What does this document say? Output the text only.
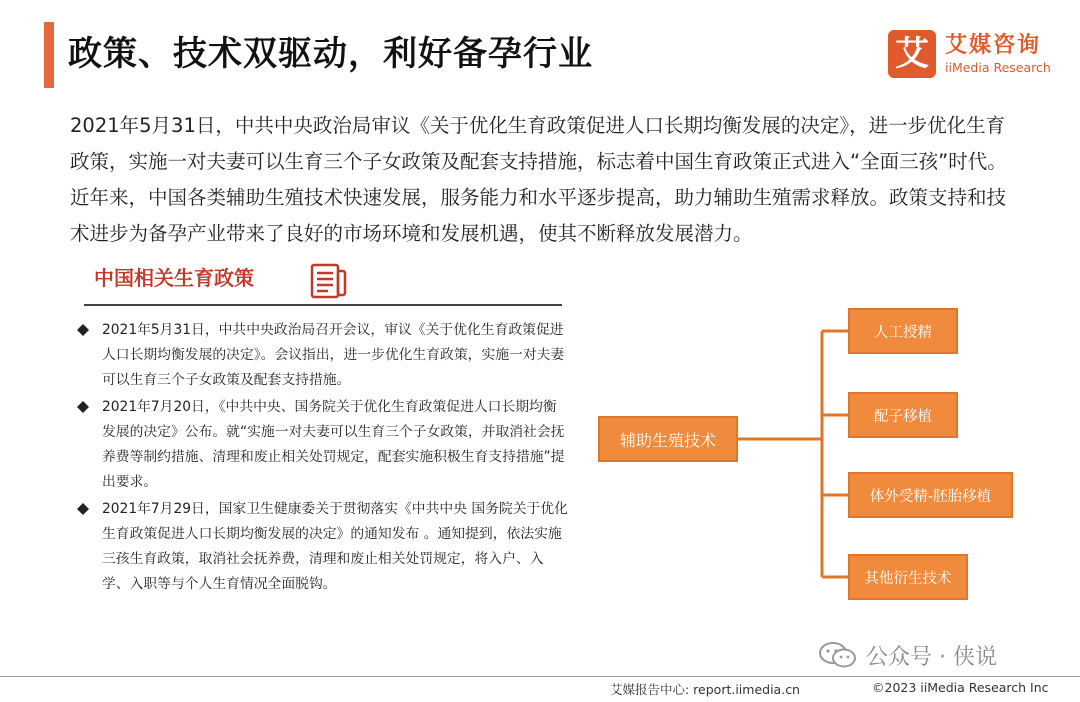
政策、技术双驱动，利好备孕行业	艾 艾媒咨询
iiMedia Research
2021年5月31日，中共中央政治局审议《关于优化生育政策促进人口长期均衡发展的决定》，进一步优化生育政策，实施一对夫妻可以生育三个子女政策及配套支持措施，标志着中国生育政策正式进入“全面三孩”时代。近年来，中国各类辅助生殖技术快速发展，服务能力和水平逐步提高，助力辅助生殖需求释放。政策支持和技术进步为备孕产业带来了良好的市场环境和发展机遇，使其不断释放发展潜力。
中国相关生育政策
2021年5月31日，中共中央政治局召开会议，审议《关于优化生育政策促进人口长期均衡发展的决定》。会议指出，进一步优化生育政策，实施一对夫妻可以生育三个子女政策及配套支持措施。
2021年7月20日，《中共中央、国务院关于优化生育政策促进人口长期均衡发展的决定》公布。就“实施一对夫妻可以生育三个子女政策，并取消社会抚养费等制约措施、清理和废止相关处罚规定，配套实施积极生育支持措施”提出要求。
2021年7月29日，国家卫生健康委关于贯彻落实《中共中央 国务院关于优化生育政策促进人口长期均衡发展的决定》的通知发布 。通知提到，依法实施三孩生育政策，取消社会抚养费，清理和废止相关处罚规定，将入户、入学、入职等与个人生育情况全面脱钩。
辅助生殖技术
人工授精
配子移植
体外受精-胚胎移植
其他衍生技术
公众号 · 侠说
艾媒报告中心: report.iimedia.cn	©2023 iiMedia Research Inc
